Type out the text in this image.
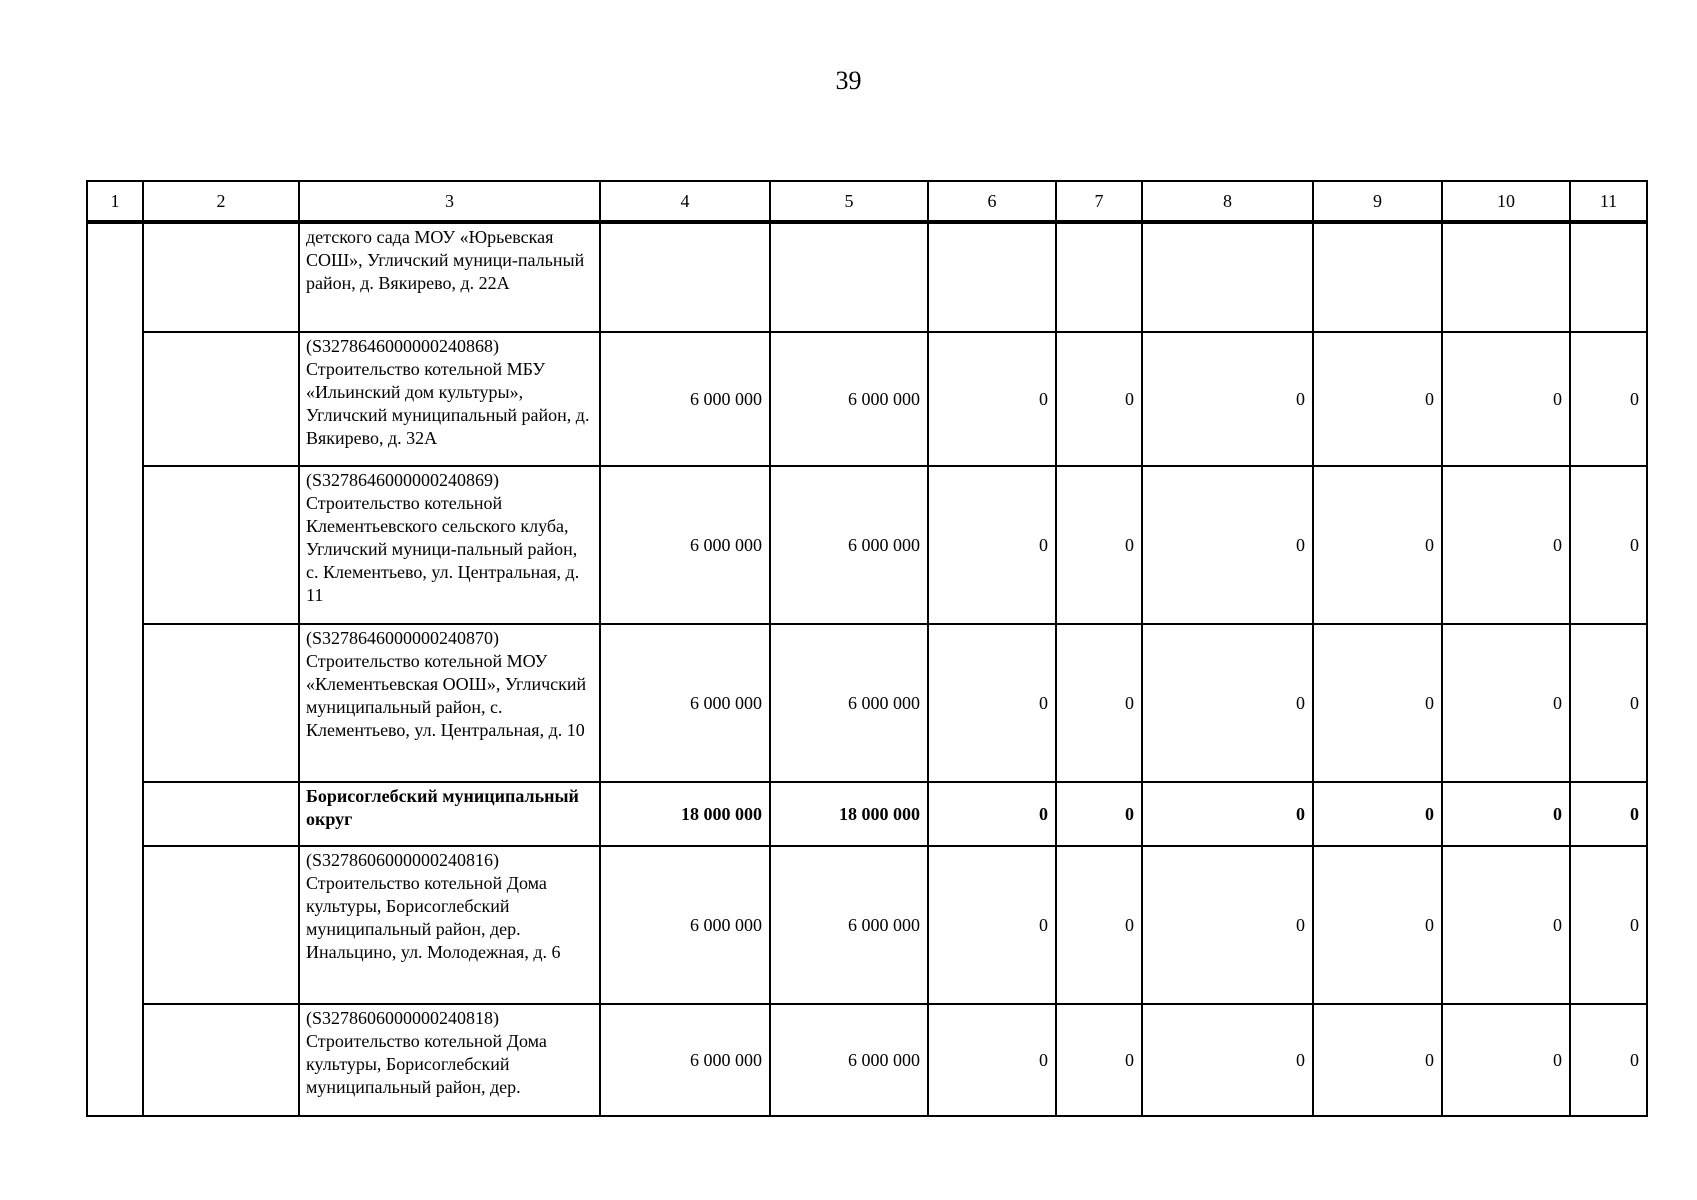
39
1	2	3	4	5	6	7	8	9	10	11
		детского сада МОУ «Юрьевская СОШ», Угличский муници-пальный район, д. Вякирево, д. 22А								
		(S3278646000000240868) Строительство котельной МБУ «Ильинский дом культуры», Угличский муниципальный район, д. Вякирево, д. 32А	6 000 000	6 000 000	0	0	0	0	0	0
		(S3278646000000240869) Строительство котельной Клементьевского сельского клуба, Угличский муници-пальный район, с. Клементьево, ул. Центральная, д. 11	6 000 000	6 000 000	0	0	0	0	0	0
		(S3278646000000240870) Строительство котельной МОУ «Клементьевская ООШ», Угличский муниципальный район, с. Клементьево, ул. Центральная, д. 10	6 000 000	6 000 000	0	0	0	0	0	0
		Борисоглебский муниципальный округ	18 000 000	18 000 000	0	0	0	0	0	0
		(S3278606000000240816) Строительство котельной Дома культуры, Борисоглебский муниципальный район, дер. Инальцино, ул. Молодежная, д. 6	6 000 000	6 000 000	0	0	0	0	0	0
		(S3278606000000240818) Строительство котельной Дома культуры, Борисоглебский муниципальный район, дер.	6 000 000	6 000 000	0	0	0	0	0	0
